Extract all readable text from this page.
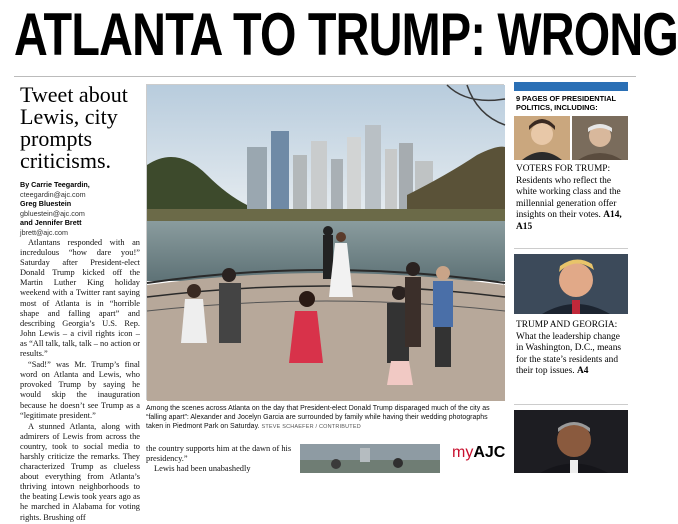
ATLANTA TO TRUMP: WRONG
Tweet about Lewis, city prompts criticisms.
By Carrie Teegardin,
cteegardin@ajc.com
Greg Bluestein
gbluestein@ajc.com
and Jennifer Brett
jbrett@ajc.com

Atlantans responded with an incredulous “how dare you!” Saturday after President-elect Donald Trump kicked off the Martin Luther King holiday weekend with a Twitter rant saying most of Atlanta is in “horrible shape and falling apart” and describing Georgia’s U.S. Rep. John Lewis – a civil rights icon – as “All talk, talk, talk – no action or results.”

“Sad!” was Mr. Trump’s final word on Atlanta and Lewis, who provoked Trump by saying he would skip the inauguration because he doesn’t see Trump as a “legitimate president.”

A stunned Atlanta, along with admirers of Lewis from across the country, took to social media to harshly criticize the remarks. They characterized Trump as clueless about everything from Atlanta’s thriving intown neighborhoods to the beating Lewis took years ago as he marched in Alabama for voting rights. Brushing off

Among the scenes across Atlanta on the day that President-elect Donald Trump disparaged much of the city as “falling apart”: Alexander and Jocelyn Garcia are surrounded by family while having their wedding photographs taken in Piedmont Park on Saturday. STEVE SCHAEFER / CONTRIBUTED
the country supports him at the dawn of his presidency.”

Lewis had been unabashedly

myAJC
9 PAGES OF PRESIDENTIAL POLITICS, INCLUDING:
VOTERS FOR TRUMP: Residents who reflect the white working class and the millennial generation offer insights on their votes. A14, A15
TRUMP AND GEORGIA: What the leadership change in Washington, D.C., means for the state’s residents and their top issues. A4
